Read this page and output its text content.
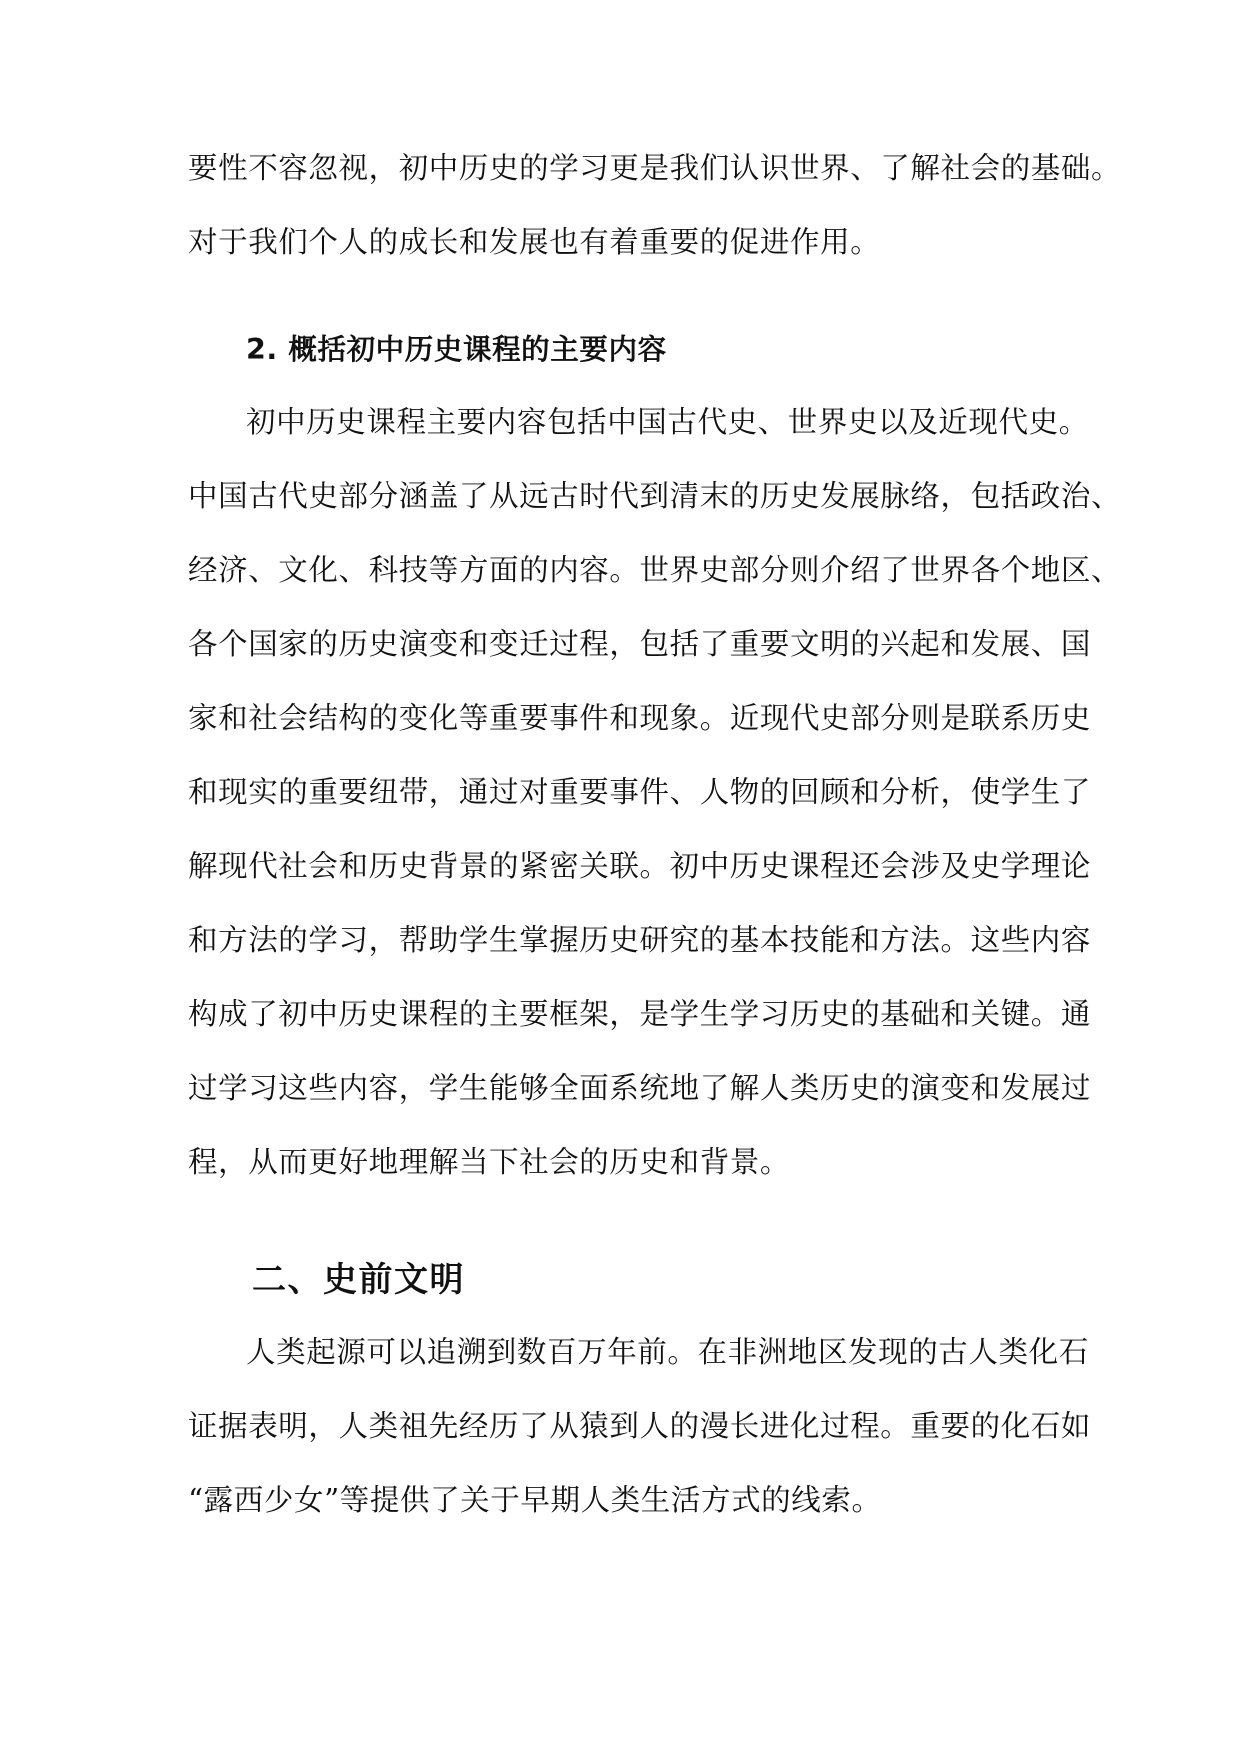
要性不容忽视，初中历史的学习更是我们认识世界、了解社会的基础。
对于我们个人的成长和发展也有着重要的促进作用。
2. 概括初中历史课程的主要内容
初中历史课程主要内容包括中国古代史、世界史以及近现代史。
中国古代史部分涵盖了从远古时代到清末的历史发展脉络，包括政治、
经济、文化、科技等方面的内容。世界史部分则介绍了世界各个地区、
各个国家的历史演变和变迁过程，包括了重要文明的兴起和发展、国
家和社会结构的变化等重要事件和现象。近现代史部分则是联系历史
和现实的重要纽带，通过对重要事件、人物的回顾和分析，使学生了
解现代社会和历史背景的紧密关联。初中历史课程还会涉及史学理论
和方法的学习，帮助学生掌握历史研究的基本技能和方法。这些内容
构成了初中历史课程的主要框架，是学生学习历史的基础和关键。通
过学习这些内容，学生能够全面系统地了解人类历史的演变和发展过
程，从而更好地理解当下社会的历史和背景。
二、史前文明
人类起源可以追溯到数百万年前。在非洲地区发现的古人类化石
证据表明，人类祖先经历了从猿到人的漫长进化过程。重要的化石如
“露西少女”等提供了关于早期人类生活方式的线索。
